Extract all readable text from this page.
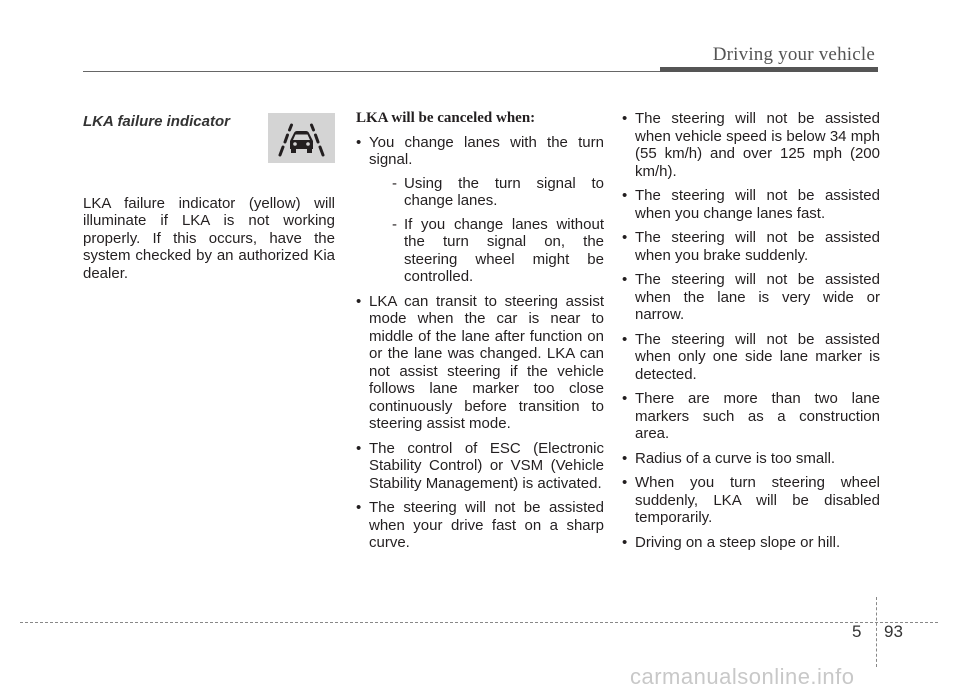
Driving your vehicle
LKA failure indicator

LKA failure indicator (yellow) will illuminate if LKA is not working properly. If this occurs, have the system checked by an authorized Kia dealer.

LKA will be canceled when:
• You change lanes with the turn signal.
- Using the turn signal to change lanes.
- If you change lanes without the turn signal on, the steering wheel might be controlled.
• LKA can transit to steering assist mode when the car is near to middle of the lane after function on or the lane was changed. LKA can not assist steering if the vehicle follows lane marker too close continuously before transition to steering assist mode.
• The control of ESC (Electronic Stability Control) or VSM (Vehicle Stability Management) is activated.
• The steering will not be assisted when your drive fast on a sharp curve.
• The steering will not be assisted when vehicle speed is below 34 mph (55 km/h) and over 125 mph (200 km/h).
• The steering will not be assisted when you change lanes fast.
• The steering will not be assisted when you brake suddenly.
• The steering will not be assisted when the lane is very wide or narrow.
• The steering will not be assisted when only one side lane marker is detected.
• There are more than two lane markers such as a construction area.
• Radius of a curve is too small.
• When you turn steering wheel suddenly, LKA will be disabled temporarily.
• Driving on a steep slope or hill.
5 93
carmanualsonline.info
